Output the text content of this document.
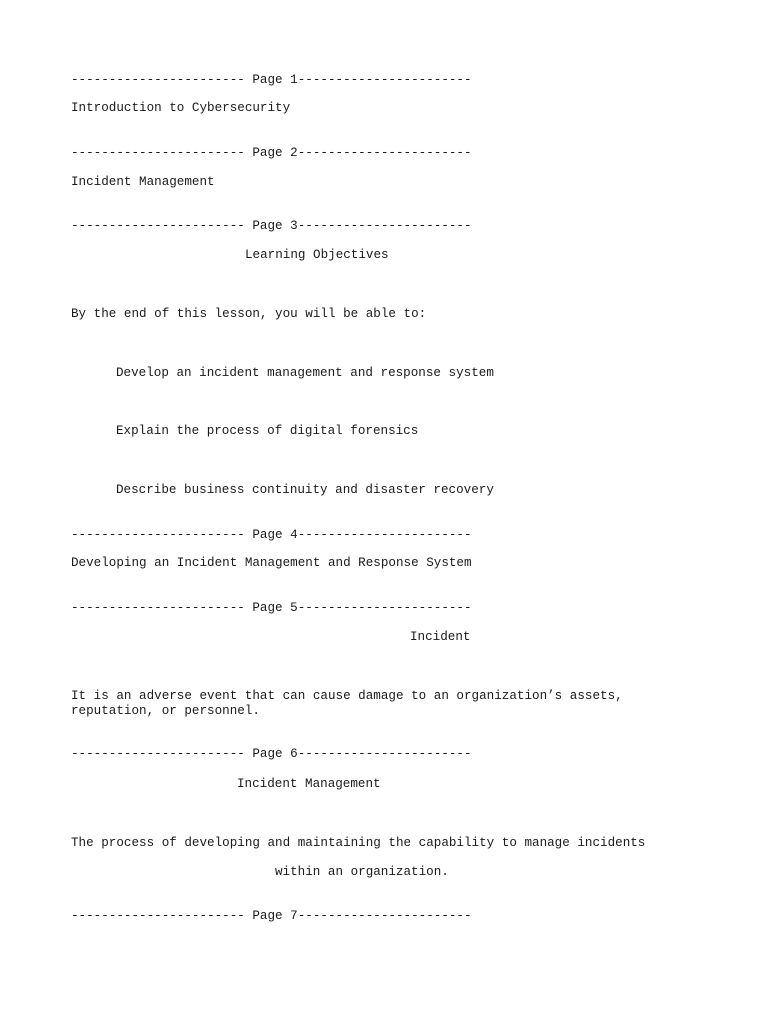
----------------------- Page 1-----------------------
Introduction to Cybersecurity
----------------------- Page 2-----------------------
Incident Management
----------------------- Page 3-----------------------
Learning Objectives
By the end of this lesson, you will be able to:
Develop an incident management and response system
Explain the process of digital forensics
Describe business continuity and disaster recovery
----------------------- Page 4-----------------------
Developing an Incident Management and Response System
----------------------- Page 5-----------------------
Incident
It is an adverse event that can cause damage to an organization’s assets,
reputation, or personnel.
----------------------- Page 6-----------------------
Incident Management
The process of developing and maintaining the capability to manage incidents
within an organization.
----------------------- Page 7-----------------------
